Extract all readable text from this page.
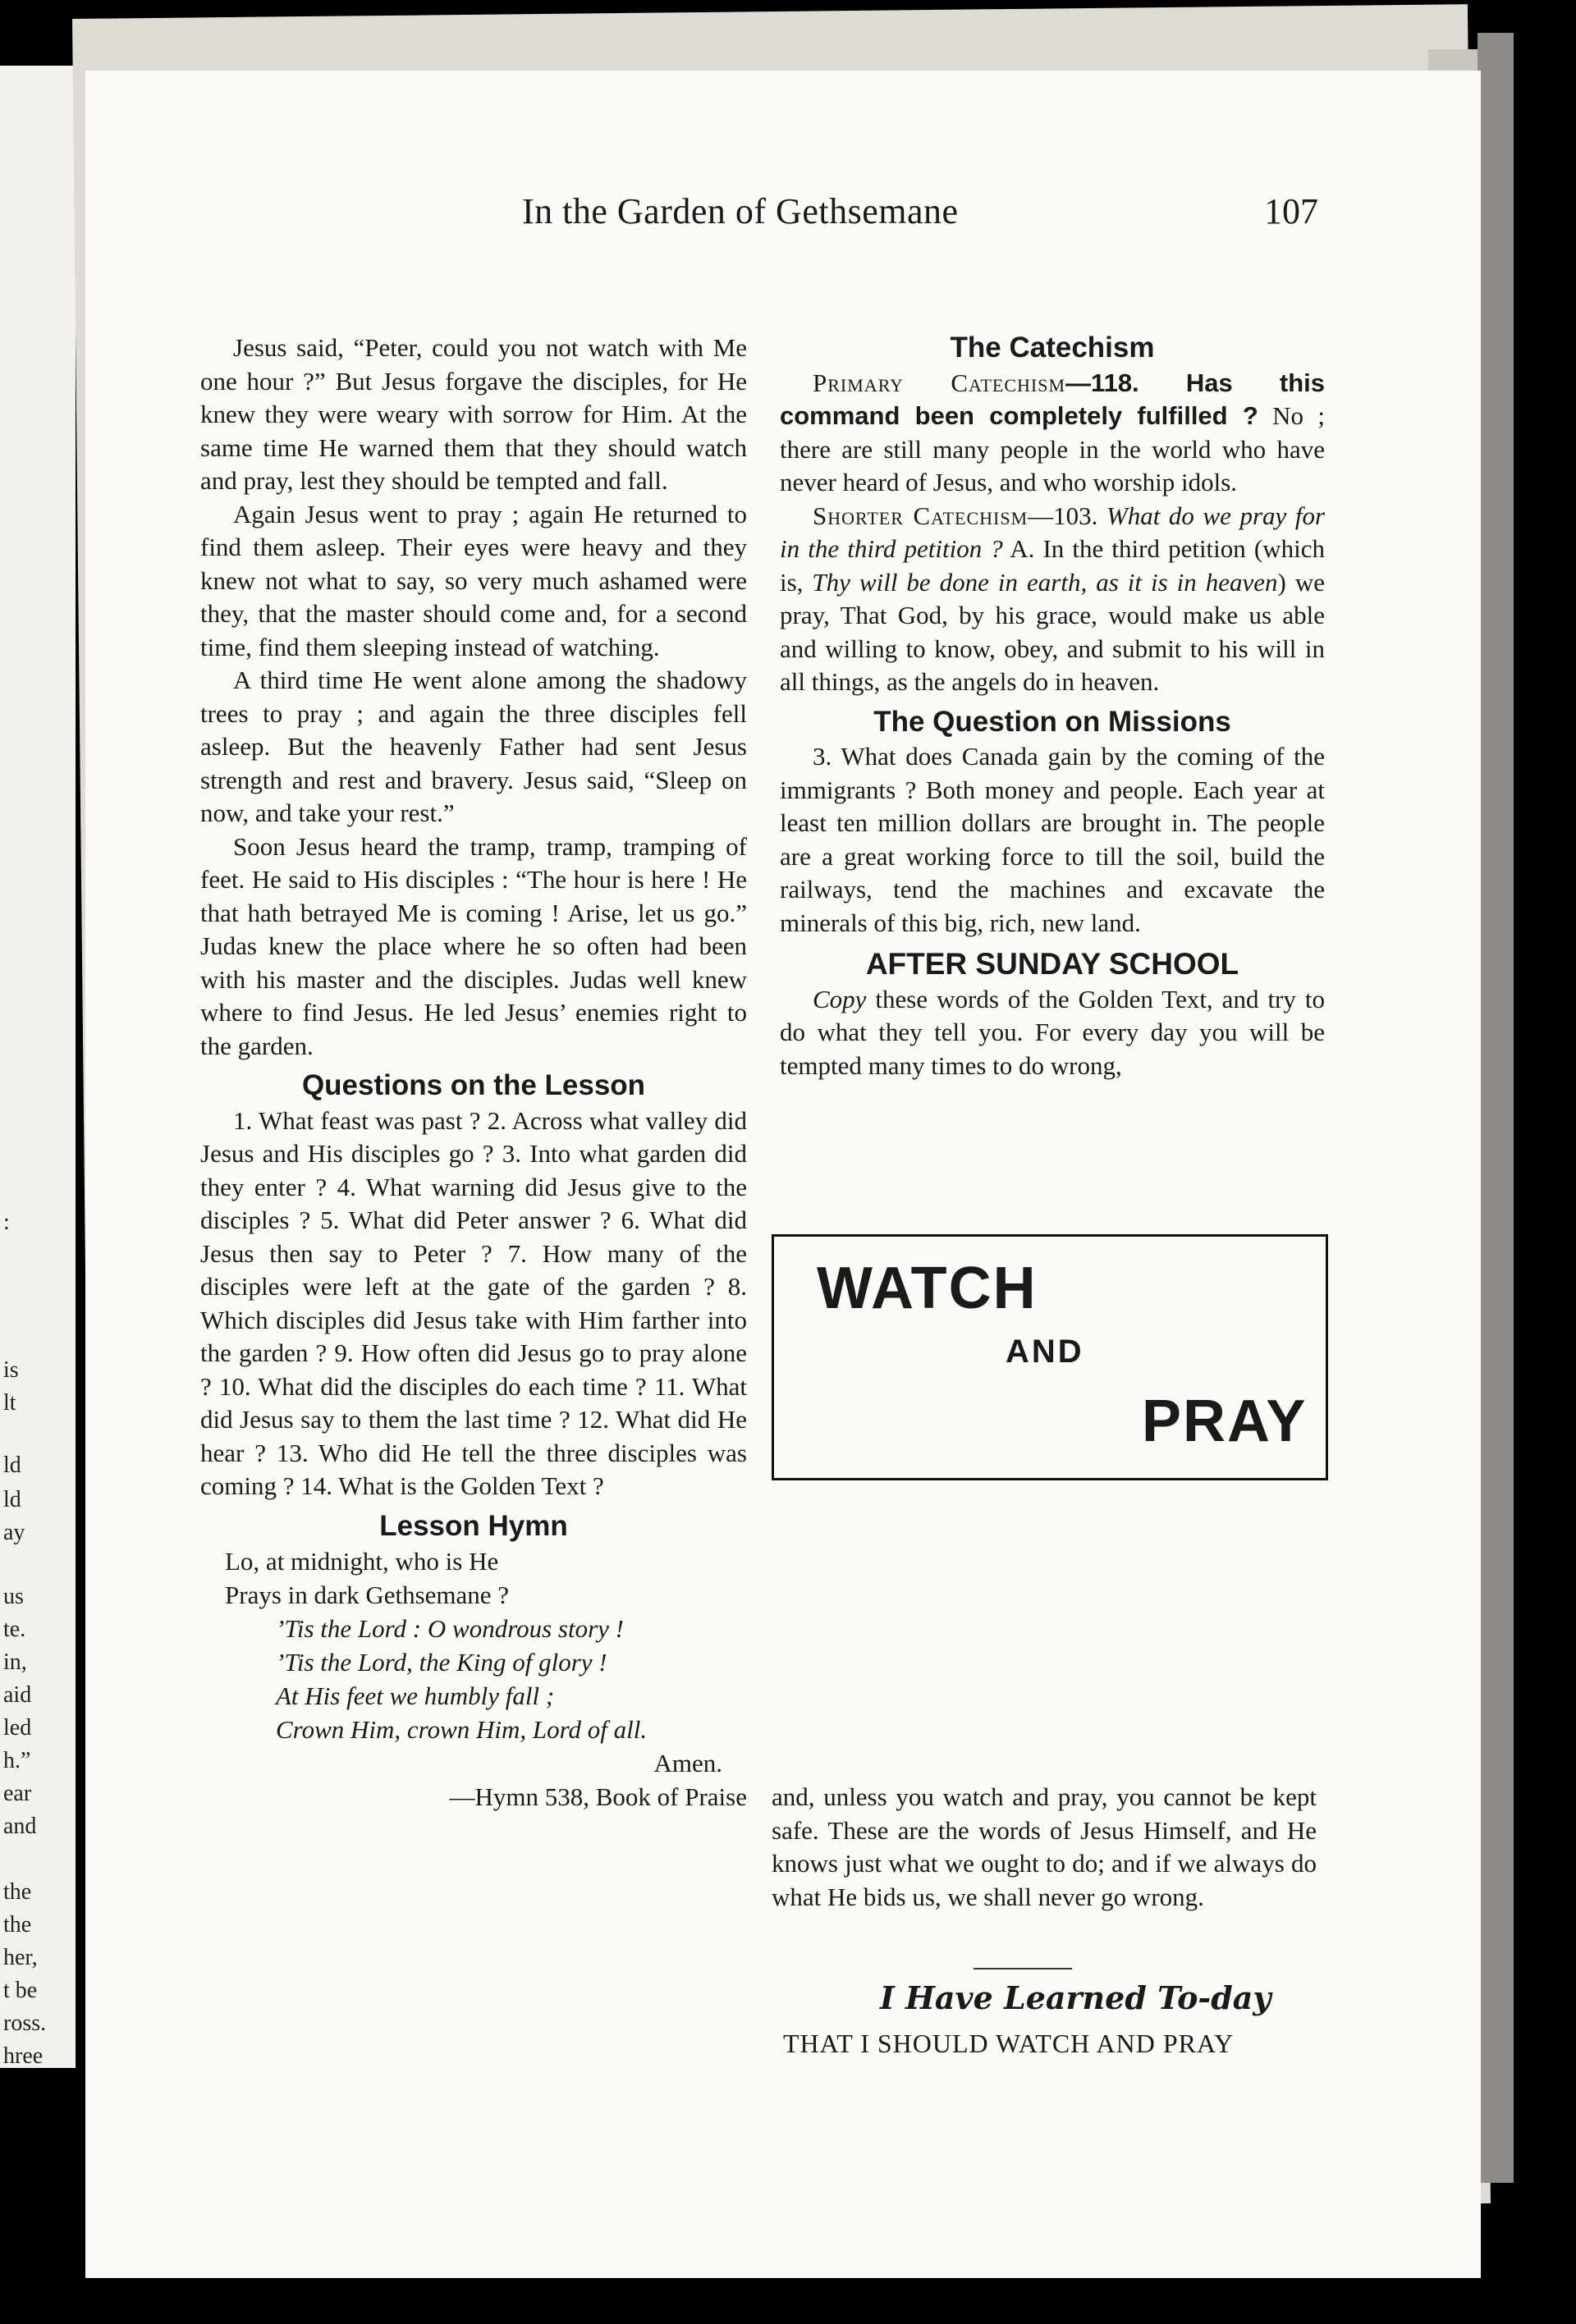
:
is
lt
ld
ld
ay
us
te.
in,
aid
led
h.”
ear
and
the
the
her,
t be
ross.
hree
In the Garden of Gethsemane	107

Jesus said, “Peter, could you not watch with Me one hour ?” But Jesus forgave the disciples, for He knew they were weary with sorrow for Him. At the same time He warned them that they should watch and pray, lest they should be tempted and fall.

Again Jesus went to pray ; again He returned to find them asleep. Their eyes were heavy and they knew not what to say, so very much ashamed were they, that the master should come and, for a second time, find them sleeping instead of watching.

A third time He went alone among the shadowy trees to pray ; and again the three disciples fell asleep. But the heavenly Father had sent Jesus strength and rest and bravery. Jesus said, “Sleep on now, and take your rest.”

Soon Jesus heard the tramp, tramp, tramping of feet. He said to His disciples : “The hour is here ! He that hath betrayed Me is coming ! Arise, let us go.” Judas knew the place where he so often had been with his master and the disciples. Judas well knew where to find Jesus. He led Jesus’ enemies right to the garden.

Questions on the Lesson

1. What feast was past ? 2. Across what valley did Jesus and His disciples go ? 3. Into what garden did they enter ? 4. What warning did Jesus give to the disciples ? 5. What did Peter answer ? 6. What did Jesus then say to Peter ? 7. How many of the disciples were left at the gate of the garden ? 8. Which disciples did Jesus take with Him farther into the garden ? 9. How often did Jesus go to pray alone ? 10. What did the disciples do each time ? 11. What did Jesus say to them the last time ? 12. What did He hear ? 13. Who did He tell the three disciples was coming ? 14. What is the Golden Text ?

Lesson Hymn
Lo, at midnight, who is He
Prays in dark Gethsemane ?
’Tis the Lord : O wondrous story !
’Tis the Lord, the King of glory !
At His feet we humbly fall ;
Crown Him, crown Him, Lord of all.
Amen.
—Hymn 538, Book of Praise
The Catechism

Primary Catechism—118. Has this command been completely fulfilled ? No ; there are still many people in the world who have never heard of Jesus, and who worship idols.

Shorter Catechism—103. What do we pray for in the third petition ? A. In the third petition (which is, Thy will be done in earth, as it is in heaven) we pray, That God, by his grace, would make us able and willing to know, obey, and submit to his will in all things, as the angels do in heaven.

The Question on Missions

3. What does Canada gain by the coming of the immigrants ? Both money and people. Each year at least ten million dollars are brought in. The people are a great working force to till the soil, build the railways, tend the machines and excavate the minerals of this big, rich, new land.

AFTER SUNDAY SCHOOL

Copy these words of the Golden Text, and try to do what they tell you. For every day you will be tempted many times to do wrong,

WATCH
AND
PRAY

and, unless you watch and pray, you cannot be kept safe. These are the words of Jesus Himself, and He knows just what we ought to do; and if we always do what He bids us, we shall never go wrong.

I Have Learned To-day
THAT I SHOULD WATCH AND PRAY
